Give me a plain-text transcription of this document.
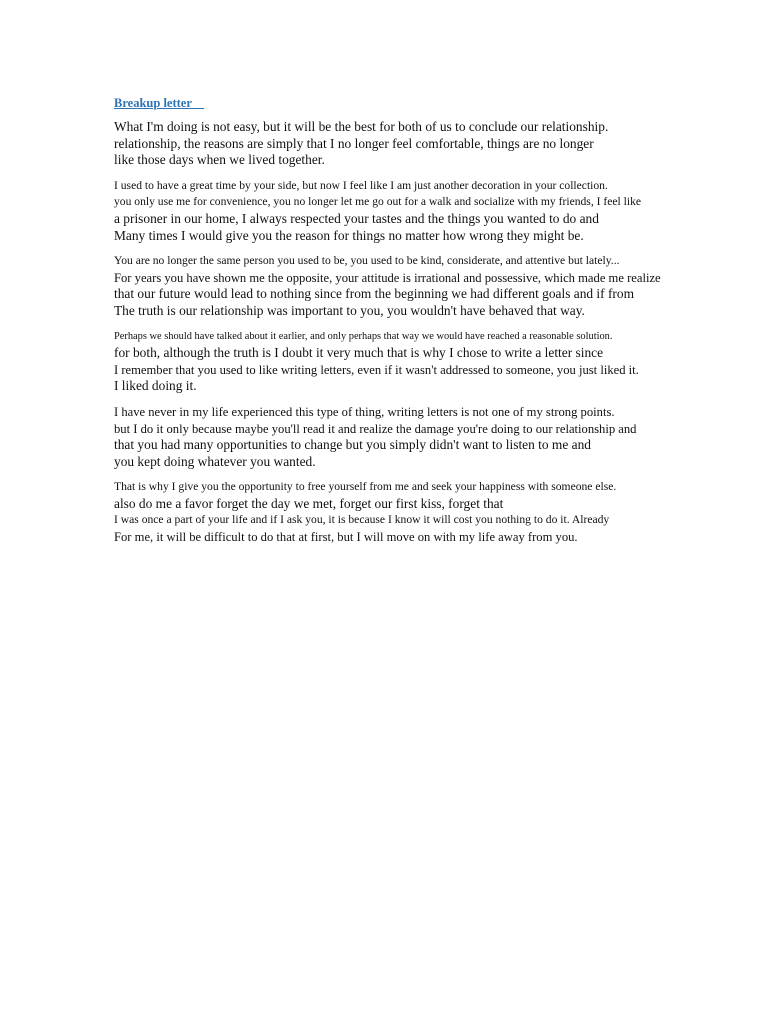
Breakup letter
What I'm doing is not easy, but it will be the best for both of us to conclude our relationship.
relationship, the reasons are simply that I no longer feel comfortable, things are no longer
like those days when we lived together.
I used to have a great time by your side, but now I feel like I am just another decoration in your collection.
you only use me for convenience, you no longer let me go out for a walk and socialize with my friends, I feel like
a prisoner in our home, I always respected your tastes and the things you wanted to do and
Many times I would give you the reason for things no matter how wrong they might be.
You are no longer the same person you used to be, you used to be kind, considerate, and attentive but lately...
For years you have shown me the opposite, your attitude is irrational and possessive, which made me realize
that our future would lead to nothing since from the beginning we had different goals and if from
The truth is our relationship was important to you, you wouldn't have behaved that way.
Perhaps we should have talked about it earlier, and only perhaps that way we would have reached a reasonable solution.
for both, although the truth is I doubt it very much that is why I chose to write a letter since
I remember that you used to like writing letters, even if it wasn't addressed to someone, you just liked it.
I liked doing it.
I have never in my life experienced this type of thing, writing letters is not one of my strong points.
but I do it only because maybe you'll read it and realize the damage you're doing to our relationship and
that you had many opportunities to change but you simply didn't want to listen to me and
you kept doing whatever you wanted.
That is why I give you the opportunity to free yourself from me and seek your happiness with someone else.
also do me a favor forget the day we met, forget our first kiss, forget that
I was once a part of your life and if I ask you, it is because I know it will cost you nothing to do it. Already
For me, it will be difficult to do that at first, but I will move on with my life away from you.
